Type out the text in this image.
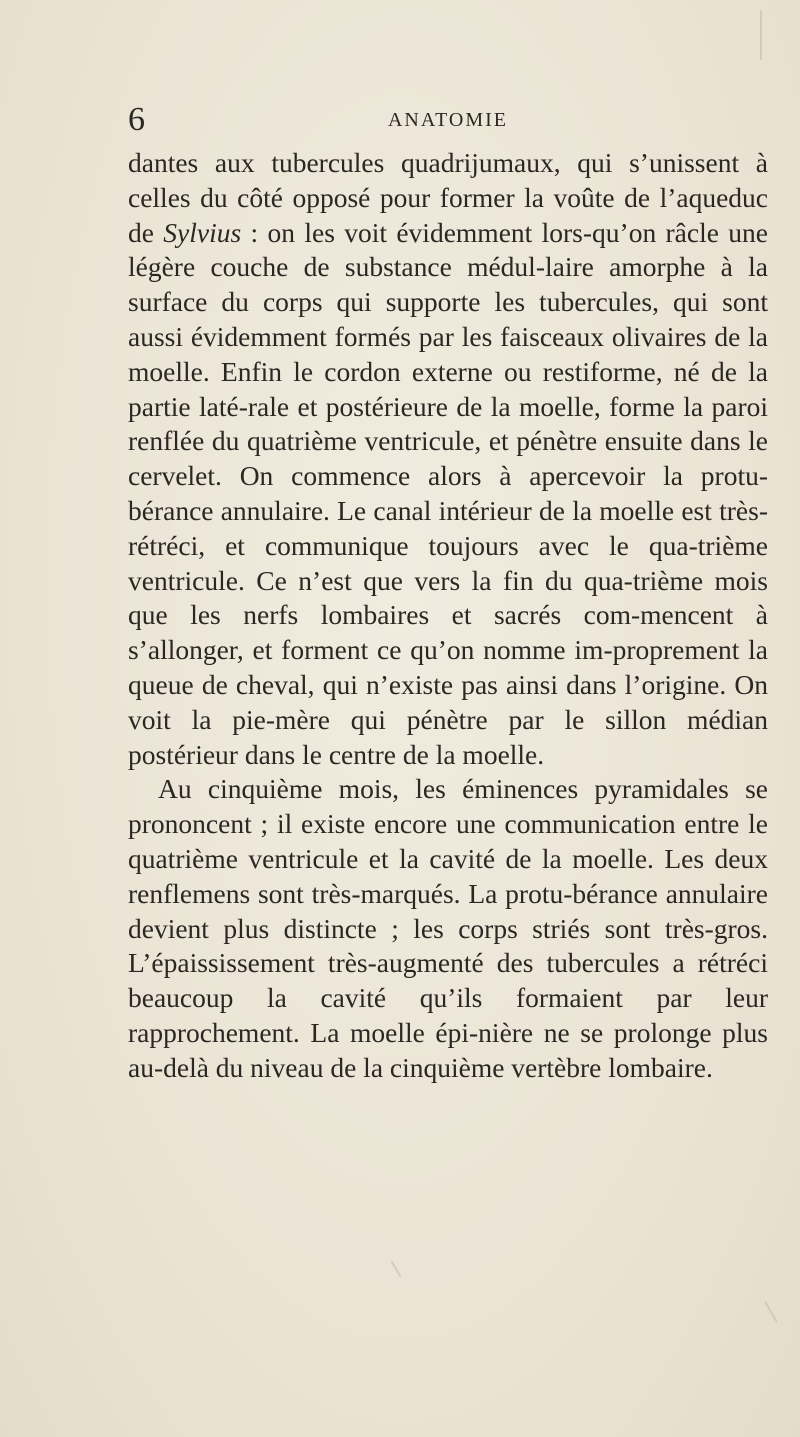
6	ANATOMIE

dantes aux tubercules quadrijumaux, qui s’unissent à celles du côté opposé pour former la voûte de l’aqueduc de Sylvius : on les voit évidemment lors-qu’on râcle une légère couche de substance médul-laire amorphe à la surface du corps qui supporte les tubercules, qui sont aussi évidemment formés par les faisceaux olivaires de la moelle. Enfin le cordon externe ou restiforme, né de la partie laté-rale et postérieure de la moelle, forme la paroi renflée du quatrième ventricule, et pénètre ensuite dans le cervelet. On commence alors à apercevoir la protu-bérance annulaire. Le canal intérieur de la moelle est très-rétréci, et communique toujours avec le qua-trième ventricule. Ce n’est que vers la fin du qua-trième mois que les nerfs lombaires et sacrés com-mencent à s’allonger, et forment ce qu’on nomme im-proprement la queue de cheval, qui n’existe pas ainsi dans l’origine. On voit la pie-mère qui pénètre par le sillon médian postérieur dans le centre de la moelle.

Au cinquième mois, les éminences pyramidales se prononcent ; il existe encore une communication entre le quatrième ventricule et la cavité de la moelle. Les deux renflemens sont très-marqués. La protu-bérance annulaire devient plus distincte ; les corps striés sont très-gros. L’épaississement très-augmenté des tubercules a rétréci beaucoup la cavité qu’ils formaient par leur rapprochement. La moelle épi-nière ne se prolonge plus au-delà du niveau de la cinquième vertèbre lombaire.
